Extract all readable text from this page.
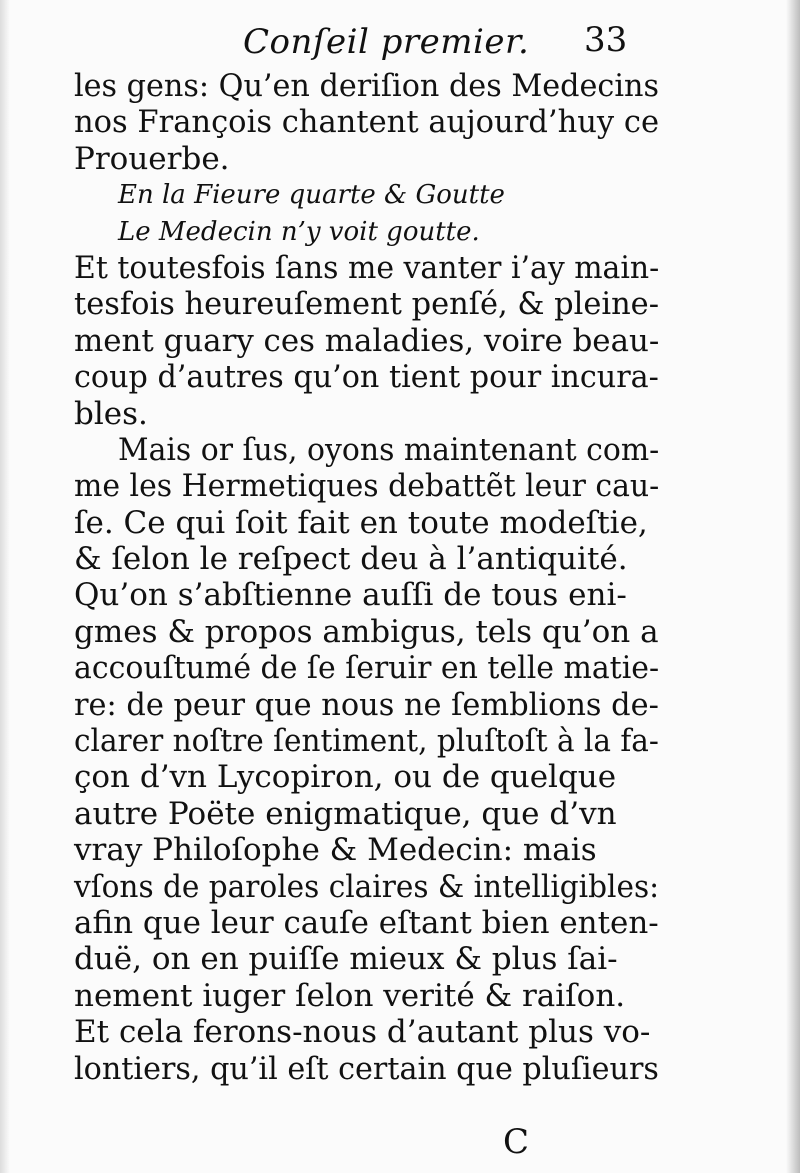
Conſeil premier. 33
les gens: Qu’en deriſion des Medecins
nos François chantent aujourd’huy ce
Prouerbe.
En la Fieure quarte & Goutte
Le Medecin n’y voit goutte.
Et toutesfois ſans me vanter i’ay main-
tesfois heureuſement penſé, & pleine-
ment guary ces maladies, voire beau-
coup d’autres qu’on tient pour incura-
bles.
Mais or ſus, oyons maintenant com-
me les Hermetiques debattẽt leur cau-
ſe. Ce qui ſoit fait en toute modeſtie,
& ſelon le reſpect deu à l’antiquité.
Qu’on s’abſtienne auſſi de tous eni-
gmes & propos ambigus, tels qu’on a
accouſtumé de ſe ſeruir en telle matie-
re: de peur que nous ne ſemblions de-
clarer noſtre ſentiment, pluſtoſt à la fa-
çon d’vn Lycopiron, ou de quelque
autre Poëte enigmatique, que d’vn
vray Philoſophe & Medecin: mais
vſons de paroles claires & intelligibles:
afin que leur cauſe eſtant bien enten-
duë, on en puiſſe mieux & plus ſai-
nement iuger ſelon verité & raiſon.
Et cela ferons-nous d’autant plus vo-
lontiers, qu’il eſt certain que pluſieurs
C
